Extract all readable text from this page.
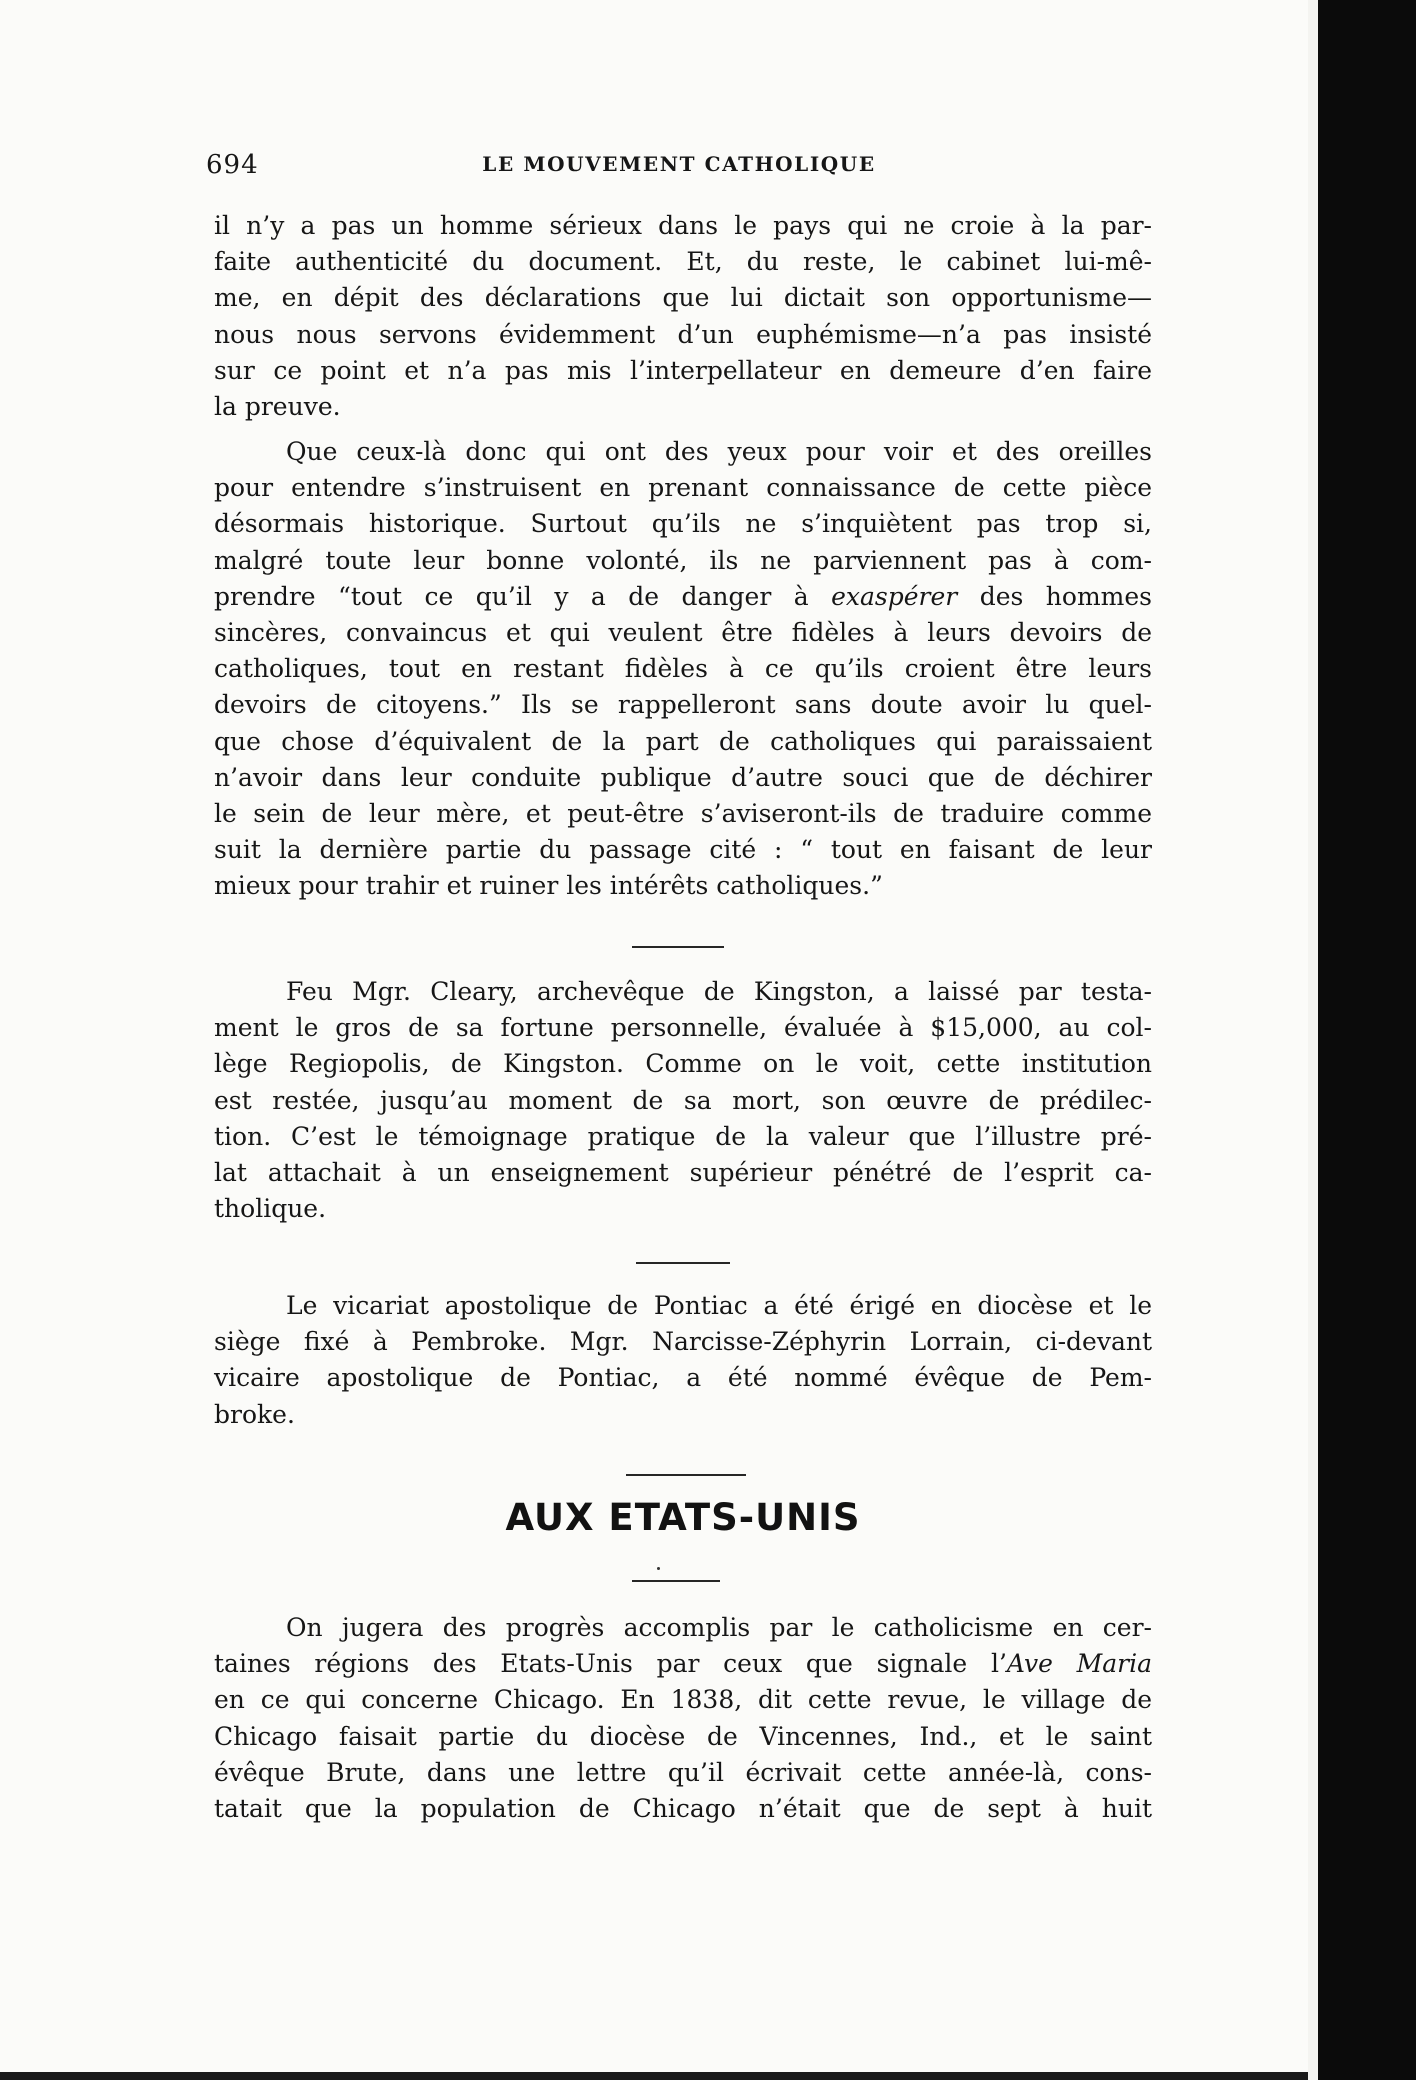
694	LE MOUVEMENT CATHOLIQUE
il n’y a pas un homme sérieux dans le pays qui ne croie à la par-
faite authenticité du document. Et, du reste, le cabinet lui-mê-
me, en dépit des déclarations que lui dictait son opportunisme—
nous nous servons évidemment d’un euphémisme—n’a pas insisté
sur ce point et n’a pas mis l’interpellateur en demeure d’en faire
la preuve.
Que ceux-là donc qui ont des yeux pour voir et des oreilles
pour entendre s’instruisent en prenant connaissance de cette pièce
désormais historique. Surtout qu’ils ne s’inquiètent pas trop si,
malgré toute leur bonne volonté, ils ne parviennent pas à com-
prendre “tout ce qu’il y a de danger à exaspérer des hommes
sincères, convaincus et qui veulent être fidèles à leurs devoirs de
catholiques, tout en restant fidèles à ce qu’ils croient être leurs
devoirs de citoyens.” Ils se rappelleront sans doute avoir lu quel-
que chose d’équivalent de la part de catholiques qui paraissaient
n’avoir dans leur conduite publique d’autre souci que de déchirer
le sein de leur mère, et peut-être s’aviseront-ils de traduire comme
suit la dernière partie du passage cité : “ tout en faisant de leur
mieux pour trahir et ruiner les intérêts catholiques.”
Feu Mgr. Cleary, archevêque de Kingston, a laissé par testa-
ment le gros de sa fortune personnelle, évaluée à $15,000, au col-
lège Regiopolis, de Kingston. Comme on le voit, cette institution
est restée, jusqu’au moment de sa mort, son œuvre de prédilec-
tion. C’est le témoignage pratique de la valeur que l’illustre pré-
lat attachait à un enseignement supérieur pénétré de l’esprit ca-
tholique.
Le vicariat apostolique de Pontiac a été érigé en diocèse et le
siège fixé à Pembroke. Mgr. Narcisse-Zéphyrin Lorrain, ci-devant
vicaire apostolique de Pontiac, a été nommé évêque de Pem-
broke.
AUX ETATS-UNIS
On jugera des progrès accomplis par le catholicisme en cer-
taines régions des Etats-Unis par ceux que signale l’Ave Maria
en ce qui concerne Chicago. En 1838, dit cette revue, le village de
Chicago faisait partie du diocèse de Vincennes, Ind., et le saint
évêque Brute, dans une lettre qu’il écrivait cette année-là, cons-
tatait que la population de Chicago n’était que de sept à huit
